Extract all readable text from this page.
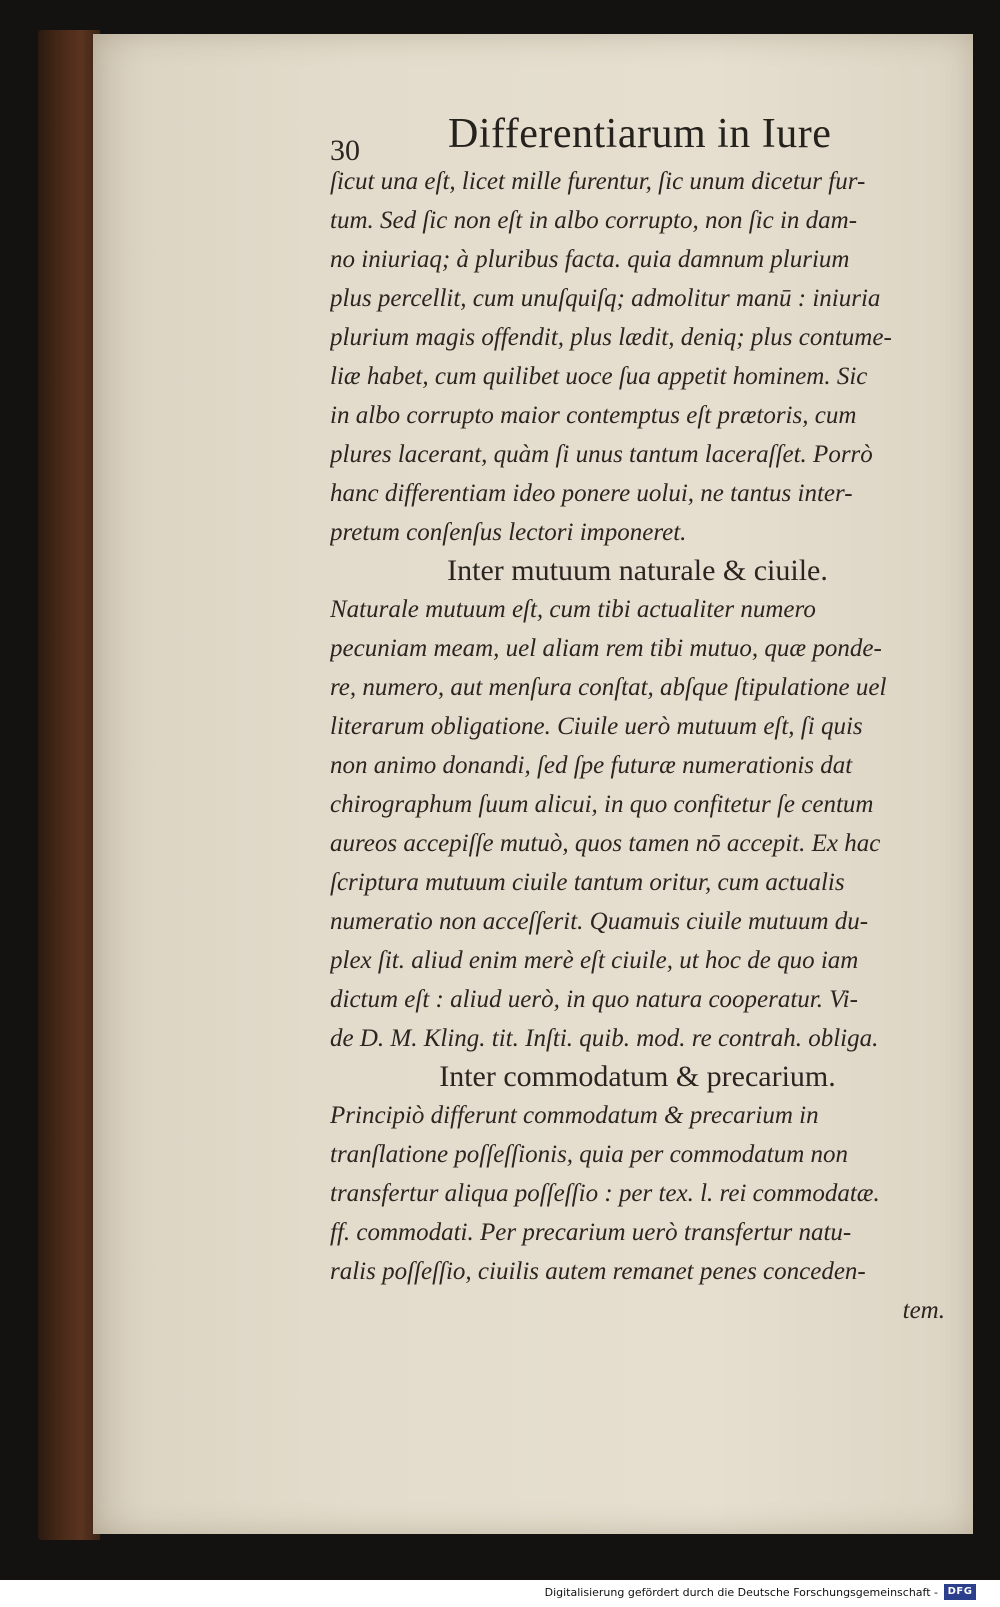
30 Differentiarum in Iure
ſicut una eſt, licet mille furentur, ſic unum dicetur fur-
tum. Sed ſic non eſt in albo corrupto, non ſic in dam-
no iniuriaq; à pluribus facta. quia damnum plurium
plus percellit, cum unuſquiſq; admolitur manū : iniuria
plurium magis offendit, plus lædit, deniq; plus contume-
liæ habet, cum quilibet uoce ſua appetit hominem. Sic
in albo corrupto maior contemptus eſt prætoris, cum
plures lacerant, quàm ſi unus tantum laceraſſet. Porrò
hanc differentiam ideo ponere uolui, ne tantus inter-
pretum conſenſus lectori imponeret.
Inter mutuum naturale & ciuile.
Naturale mutuum eſt, cum tibi actualiter numero
pecuniam meam, uel aliam rem tibi mutuo, quæ ponde-
re, numero, aut menſura conſtat, abſque ſtipulatione uel
literarum obligatione. Ciuile uerò mutuum eſt, ſi quis
non animo donandi, ſed ſpe futuræ numerationis dat
chirographum ſuum alicui, in quo confitetur ſe centum
aureos accepiſſe mutuò, quos tamen nō accepit. Ex hac
ſcriptura mutuum ciuile tantum oritur, cum actualis
numeratio non acceſſerit. Quamuis ciuile mutuum du-
plex ſit. aliud enim merè eſt ciuile, ut hoc de quo iam
dictum eſt : aliud uerò, in quo natura cooperatur. Vi-
de D. M. Kling. tit. Inſti. quib. mod. re contrah. obliga.
Inter commodatum & precarium.
Principiò differunt commodatum & precarium in
tranſlatione poſſeſſionis, quia per commodatum non
transfertur aliqua poſſeſſio : per tex. l. rei commodatæ.
ff. commodati. Per precarium uerò transfertur natu-
ralis poſſeſſio, ciuilis autem remanet penes conceden-
tem.
Digitalisierung gefördert durch die Deutsche Forschungsgemeinschaft - DFG
